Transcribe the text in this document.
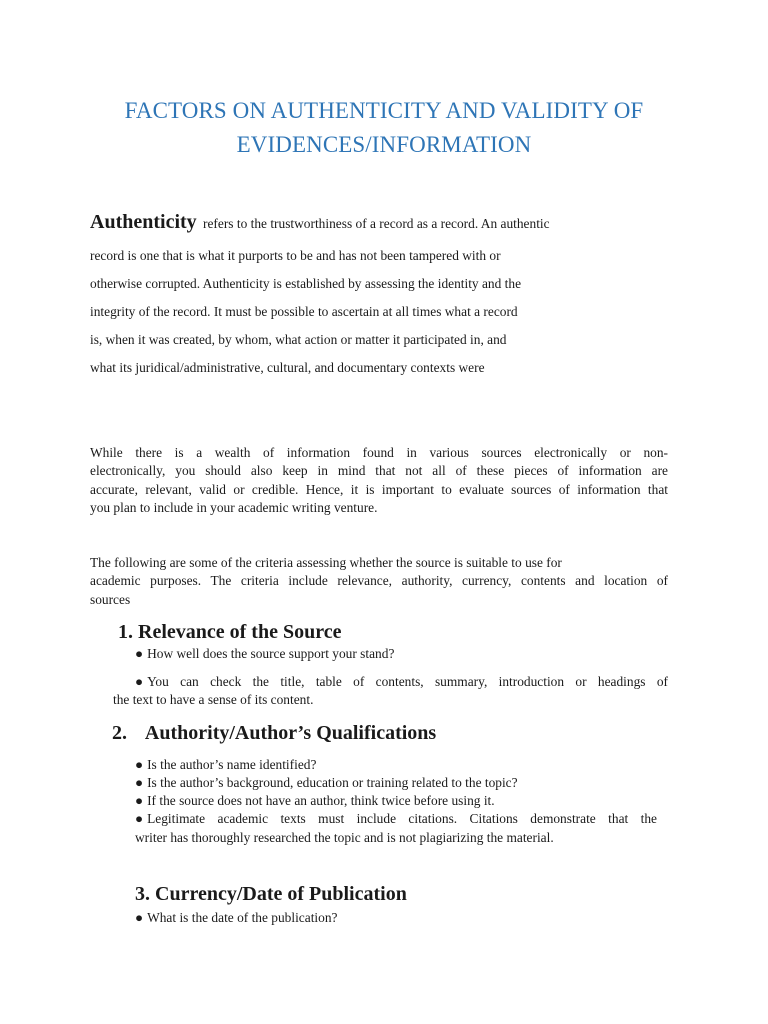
FACTORS ON AUTHENTICITY AND VALIDITY OF
EVIDENCES/INFORMATION
Authenticity refers to the trustworthiness of a record as a record. An authentic
record is one that is what it purports to be and has not been tampered with or
otherwise corrupted. Authenticity is established by assessing the identity and the
integrity of the record. It must be possible to ascertain at all times what a record
is, when it was created, by whom, what action or matter it participated in, and
what its juridical/administrative, cultural, and documentary contexts were
While there is a wealth of information found in various sources electronically or non-
electronically, you should also keep in mind that not all of these pieces of information are
accurate, relevant, valid or credible. Hence, it is important to evaluate sources of information that
you plan to include in your academic writing venture.
The following are some of the criteria assessing whether the source is suitable to use for
academic purposes. The criteria include relevance, authority, currency, contents and location of
sources
1. Relevance of the Source
● How well does the source support your stand?
● You can check the title, table of contents, summary, introduction or headings of
the text to have a sense of its content.
2. Authority/Author’s Qualifications
● Is the author’s name identified?
● Is the author’s background, education or training related to the topic?
● If the source does not have an author, think twice before using it.
● Legitimate academic texts must include citations. Citations demonstrate that the
writer has thoroughly researched the topic and is not plagiarizing the material.
3. Currency/Date of Publication
● What is the date of the publication?
